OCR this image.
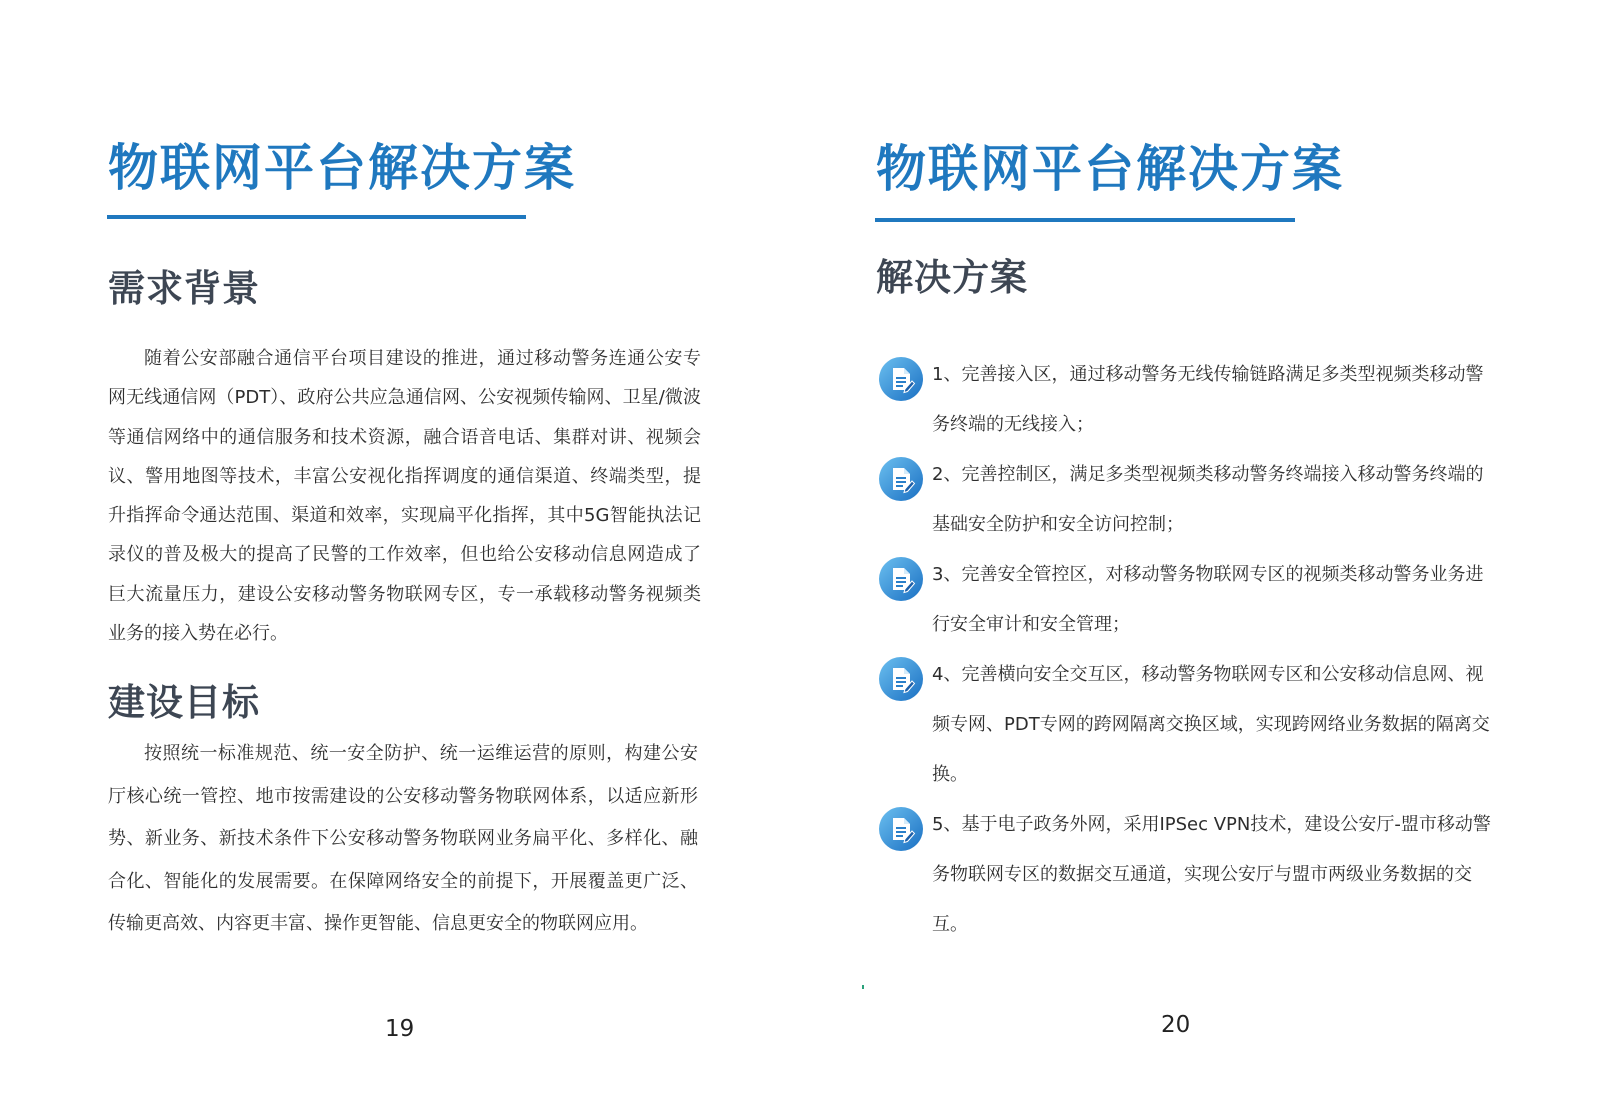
物联网平台解决方案
需求背景

随着公安部融合通信平台项目建设的推进，通过移动警务连通公安专网无线通信网（PDT）、政府公共应急通信网、公安视频传输网、卫星/微波等通信网络中的通信服务和技术资源，融合语音电话、集群对讲、视频会议、警用地图等技术，丰富公安视化指挥调度的通信渠道、终端类型，提升指挥命令通达范围、渠道和效率，实现扁平化指挥，其中5G智能执法记录仪的普及极大的提高了民警的工作效率，但也给公安移动信息网造成了巨大流量压力，建设公安移动警务物联网专区，专一承载移动警务视频类业务的接入势在必行。

建设目标

按照统一标准规范、统一安全防护、统一运维运营的原则，构建公安厅核心统一管控、地市按需建设的公安移动警务物联网体系，以适应新形势、新业务、新技术条件下公安移动警务物联网业务扁平化、多样化、融合化、智能化的发展需要。在保障网络安全的前提下，开展覆盖更广泛、传输更高效、内容更丰富、操作更智能、信息更安全的物联网应用。

19
物联网平台解决方案
解决方案

1、完善接入区，通过移动警务无线传输链路满足多类型视频类移动警务终端的无线接入；

2、完善控制区，满足多类型视频类移动警务终端接入移动警务终端的基础安全防护和安全访问控制；

3、完善安全管控区，对移动警务物联网专区的视频类移动警务业务进行安全审计和安全管理；

4、完善横向安全交互区，移动警务物联网专区和公安移动信息网、视频专网、PDT专网的跨网隔离交换区域，实现跨网络业务数据的隔离交换。

5、基于电子政务外网，采用IPSec VPN技术，建设公安厅-盟市移动警务物联网专区的数据交互通道，实现公安厅与盟市两级业务数据的交互。

20
